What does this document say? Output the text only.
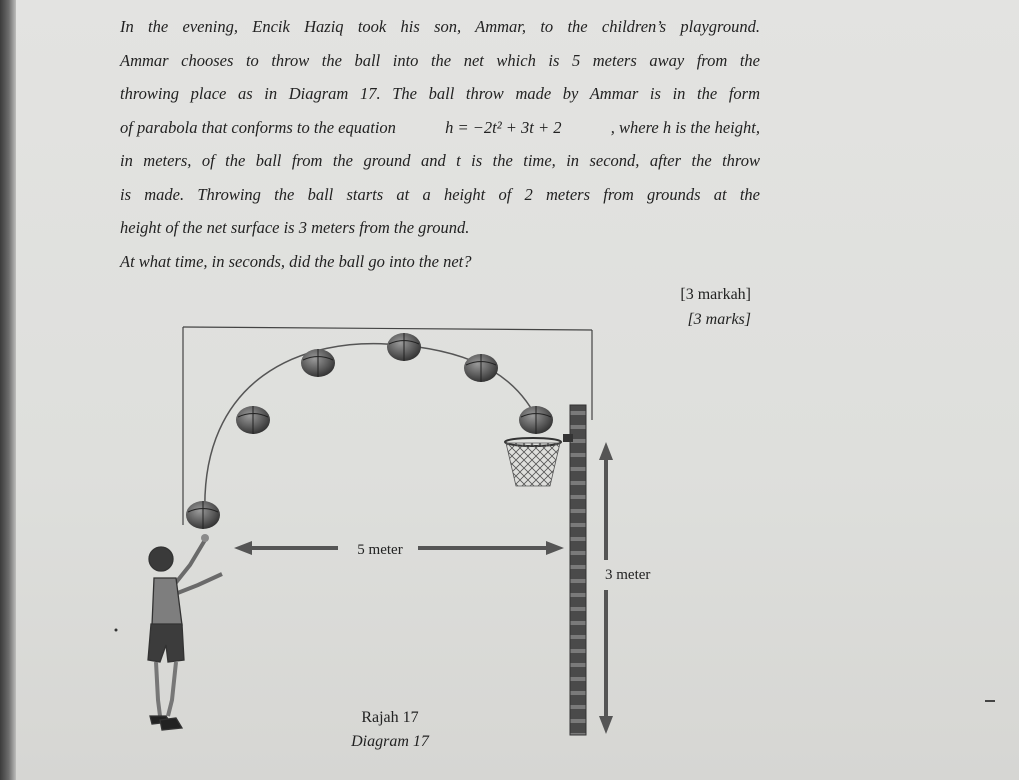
In the evening, Encik Haziq took his son, Ammar, to the children’s playground.
Ammar chooses to throw the ball into the net which is 5 meters away from the
throwing place as in Diagram 17. The ball throw made by Ammar is in the form
of parabola that conforms to the equation	h = −2t² + 3t + 2	, where h is the height,
in meters, of the ball from the ground and t is the time, in second, after the throw
is made. Throwing the ball starts at a height of 2 meters from grounds at the
height of the net surface is 3 meters from the ground.
At what time, in seconds, did the ball go into the net?

[3 markah]
[3 marks]
5 meter
3 meter
Rajah 17
Diagram 17
